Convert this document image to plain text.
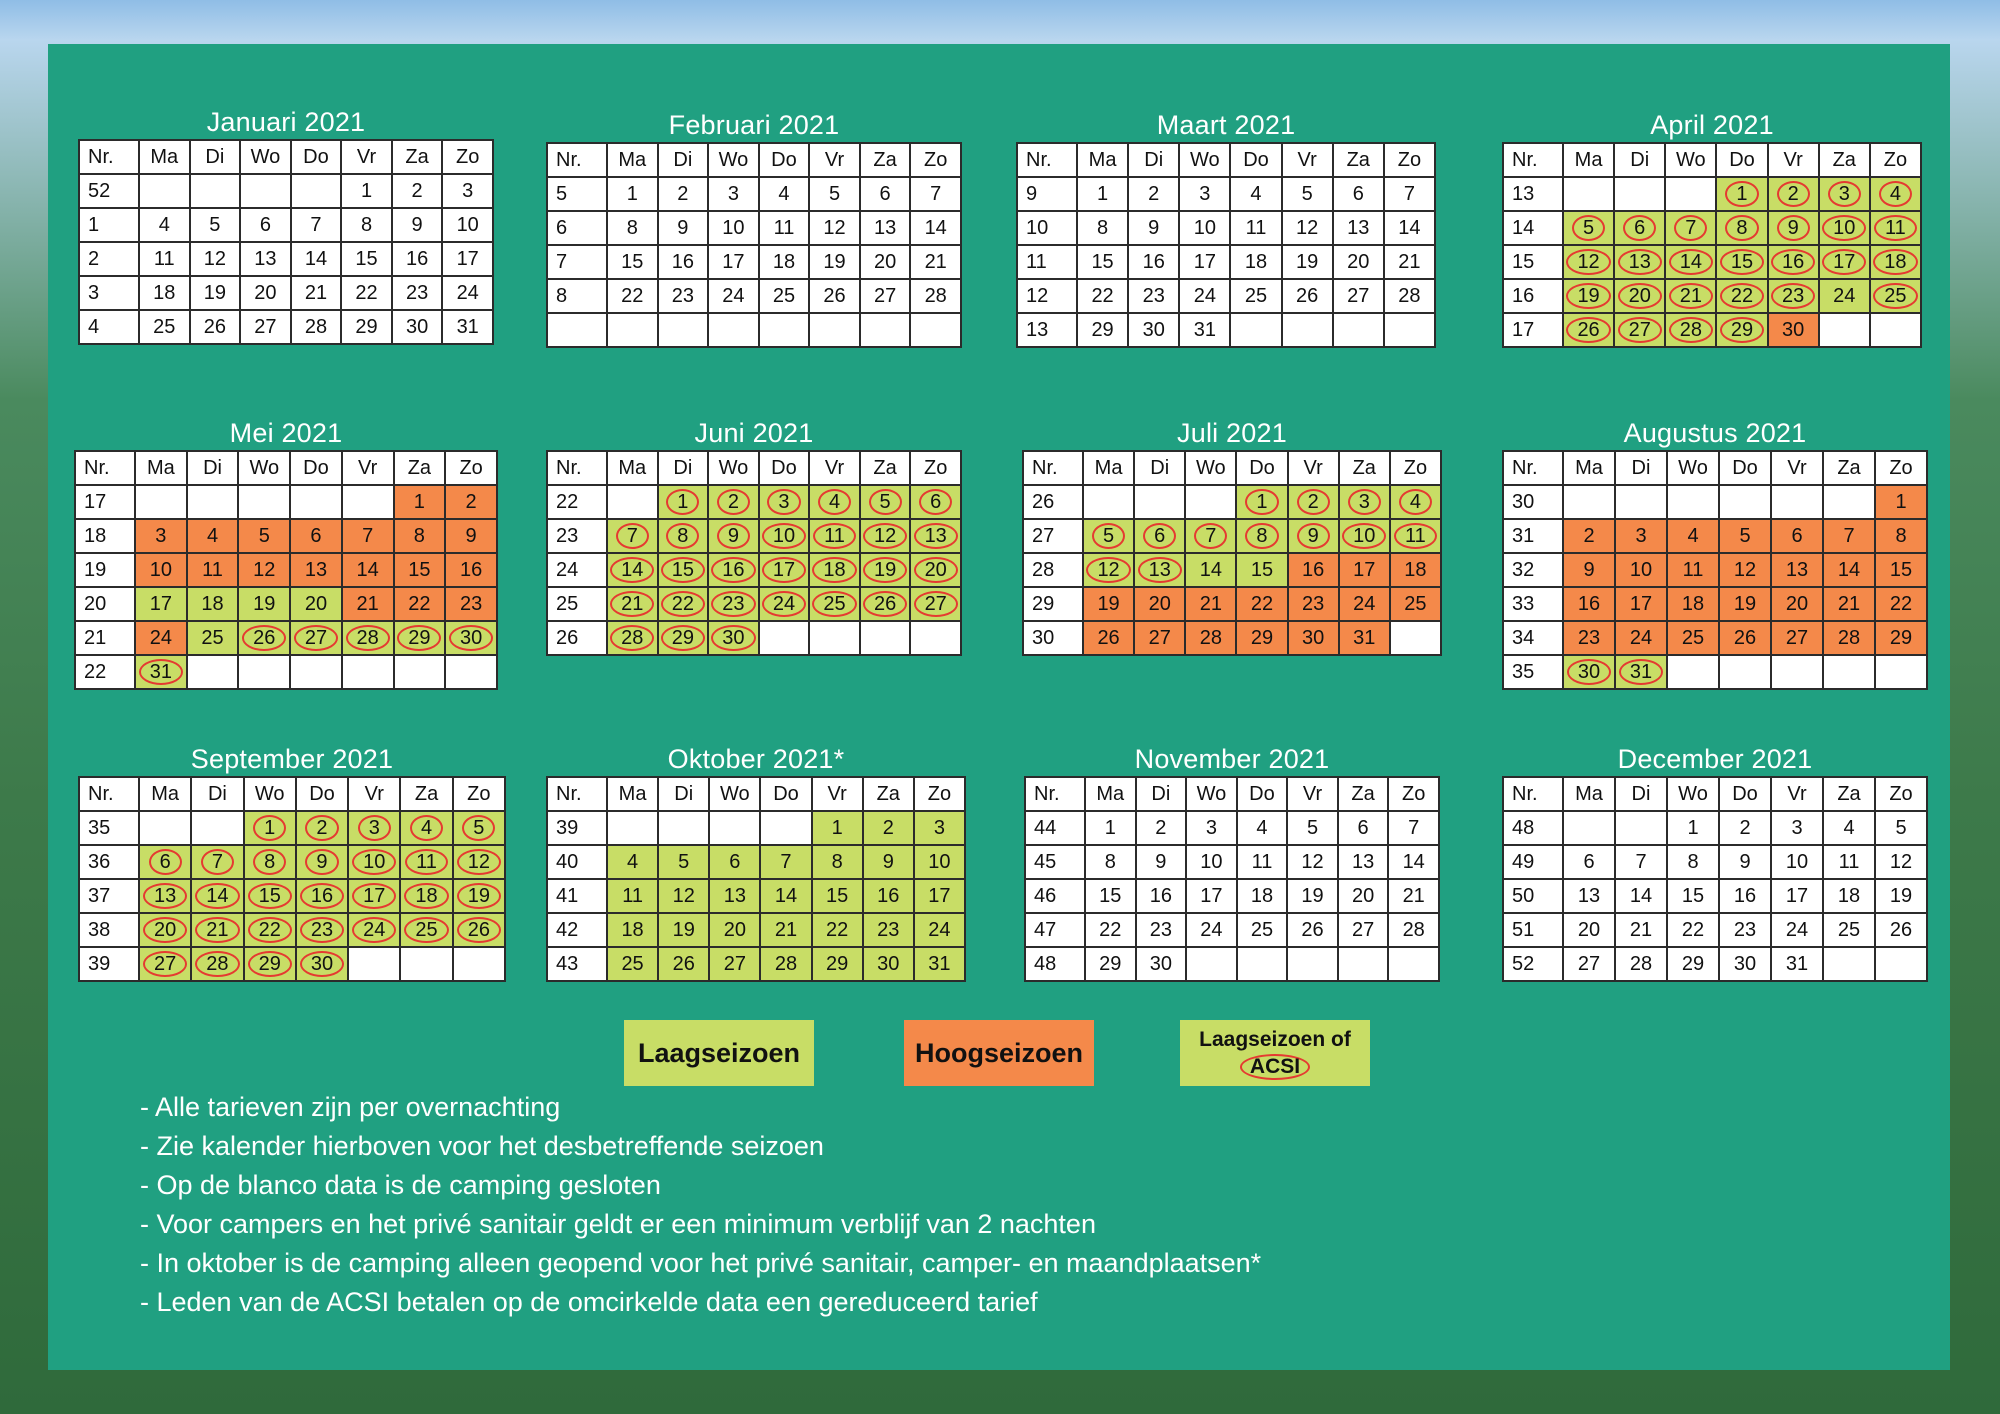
Januari 2021
Nr.	Ma	Di	Wo	Do	Vr	Za	Zo
52					1	2	3
1	4	5	6	7	8	9	10
2	11	12	13	14	15	16	17
3	18	19	20	21	22	23	24
4	25	26	27	28	29	30	31
Februari 2021
Nr.	Ma	Di	Wo	Do	Vr	Za	Zo
5	1	2	3	4	5	6	7
6	8	9	10	11	12	13	14
7	15	16	17	18	19	20	21
8	22	23	24	25	26	27	28

Maart 2021
Nr.	Ma	Di	Wo	Do	Vr	Za	Zo
9	1	2	3	4	5	6	7
10	8	9	10	11	12	13	14
11	15	16	17	18	19	20	21
12	22	23	24	25	26	27	28
13	29	30	31				
April 2021
Nr.	Ma	Di	Wo	Do	Vr	Za	Zo
13				1	2	3	4
14	5	6	7	8	9	10	11
15	12	13	14	15	16	17	18
16	19	20	21	22	23	24	25
17	26	27	28	29	30		
Mei 2021
Nr.	Ma	Di	Wo	Do	Vr	Za	Zo
17						1	2
18	3	4	5	6	7	8	9
19	10	11	12	13	14	15	16
20	17	18	19	20	21	22	23
21	24	25	26	27	28	29	30
22	31						
Juni 2021
Nr.	Ma	Di	Wo	Do	Vr	Za	Zo
22		1	2	3	4	5	6
23	7	8	9	10	11	12	13
24	14	15	16	17	18	19	20
25	21	22	23	24	25	26	27
26	28	29	30				
Juli 2021
Nr.	Ma	Di	Wo	Do	Vr	Za	Zo
26				1	2	3	4
27	5	6	7	8	9	10	11
28	12	13	14	15	16	17	18
29	19	20	21	22	23	24	25
30	26	27	28	29	30	31	
Augustus 2021
Nr.	Ma	Di	Wo	Do	Vr	Za	Zo
30							1
31	2	3	4	5	6	7	8
32	9	10	11	12	13	14	15
33	16	17	18	19	20	21	22
34	23	24	25	26	27	28	29
35	30	31					
September 2021
Nr.	Ma	Di	Wo	Do	Vr	Za	Zo
35			1	2	3	4	5
36	6	7	8	9	10	11	12
37	13	14	15	16	17	18	19
38	20	21	22	23	24	25	26
39	27	28	29	30			
Oktober 2021*
Nr.	Ma	Di	Wo	Do	Vr	Za	Zo
39					1	2	3
40	4	5	6	7	8	9	10
41	11	12	13	14	15	16	17
42	18	19	20	21	22	23	24
43	25	26	27	28	29	30	31
November 2021
Nr.	Ma	Di	Wo	Do	Vr	Za	Zo
44	1	2	3	4	5	6	7
45	8	9	10	11	12	13	14
46	15	16	17	18	19	20	21
47	22	23	24	25	26	27	28
48	29	30					
December 2021
Nr.	Ma	Di	Wo	Do	Vr	Za	Zo
48			1	2	3	4	5
49	6	7	8	9	10	11	12
50	13	14	15	16	17	18	19
51	20	21	22	23	24	25	26
52	27	28	29	30	31		
Laagseizoen	Hoogseizoen	Laagseizoen of
ACSI
- Alle tarieven zijn per overnachting
- Zie kalender hierboven voor het desbetreffende seizoen
- Op de blanco data is de camping gesloten
- Voor campers en het privé sanitair geldt er een minimum verblijf van 2 nachten
- In oktober is de camping alleen geopend voor het privé sanitair, camper- en maandplaatsen*
- Leden van de ACSI betalen op de omcirkelde data een gereduceerd tarief
